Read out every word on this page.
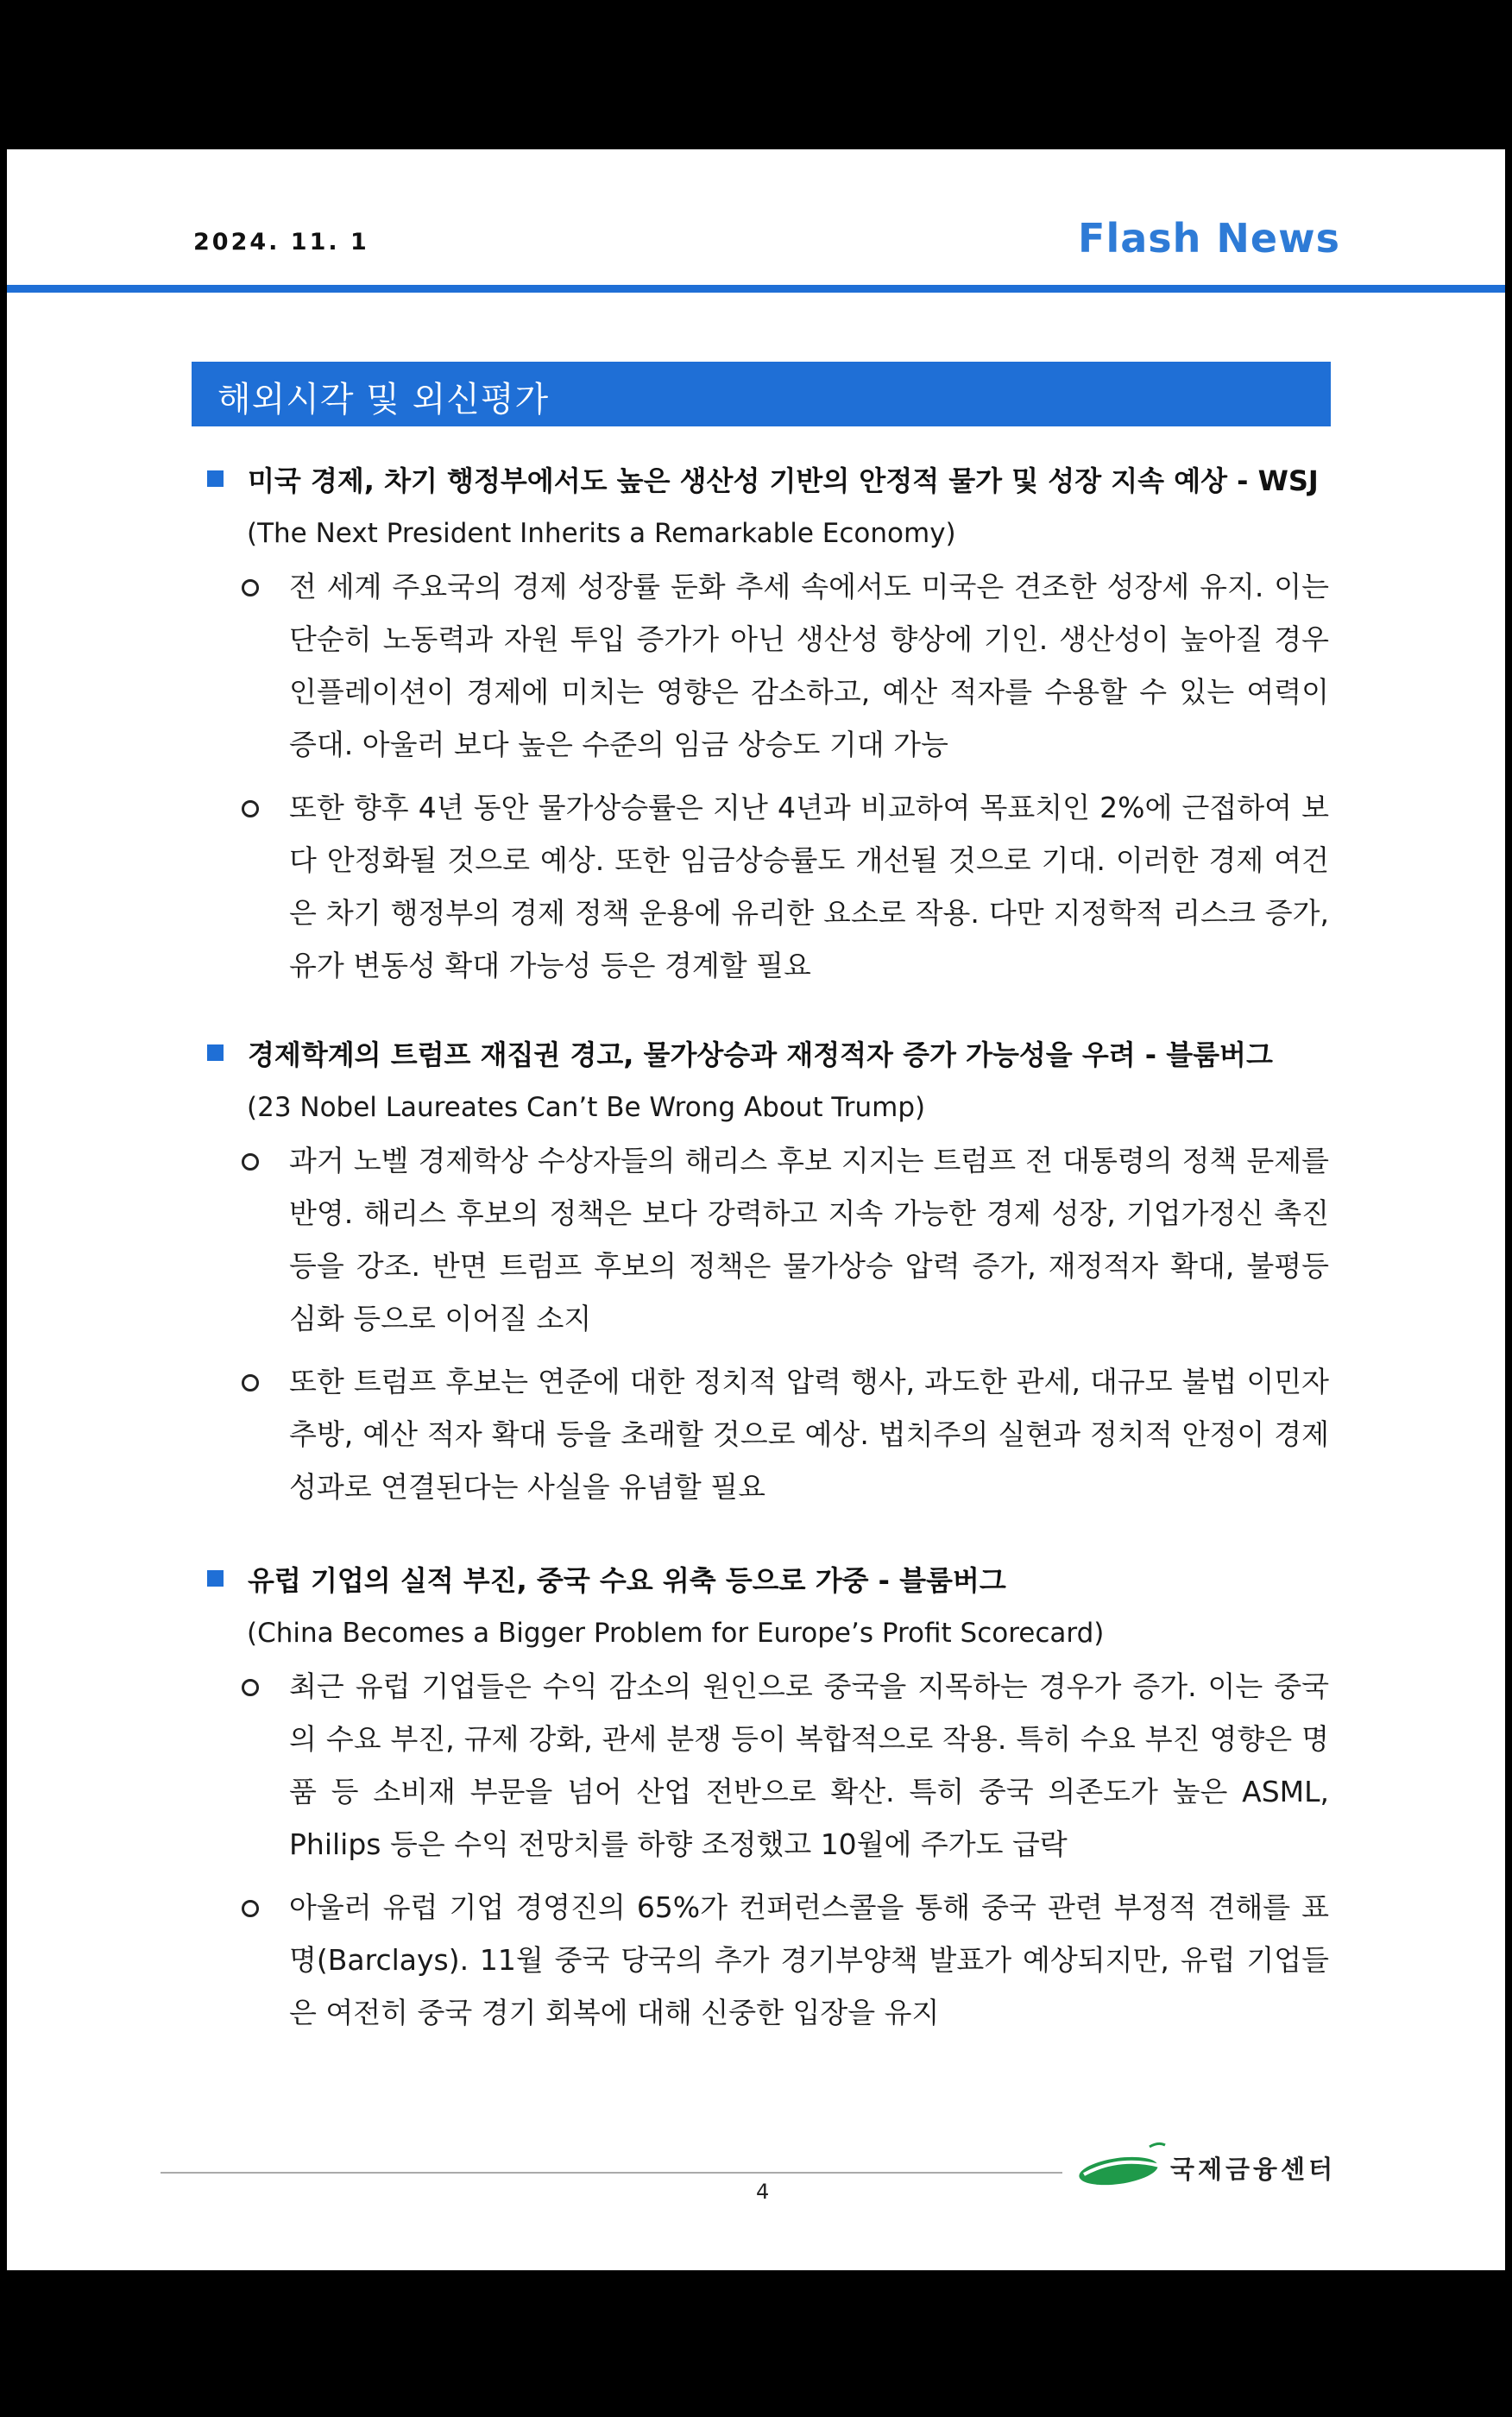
2024. 11. 1	Flash News
해외시각 및 외신평가
미국 경제, 차기 행정부에서도 높은 생산성 기반의 안정적 물가 및 성장 지속 예상 - WSJ
(The Next President Inherits a Remarkable Economy)
전 세계 주요국의 경제 성장률 둔화 추세 속에서도 미국은 견조한 성장세 유지. 이는 단순히 노동력과 자원 투입 증가가 아닌 생산성 향상에 기인. 생산성이 높아질 경우 인플레이션이 경제에 미치는 영향은 감소하고, 예산 적자를 수용할 수 있는 여력이 증대. 아울러 보다 높은 수준의 임금 상승도 기대 가능
또한 향후 4년 동안 물가상승률은 지난 4년과 비교하여 목표치인 2%에 근접하여 보다 안정화될 것으로 예상. 또한 임금상승률도 개선될 것으로 기대. 이러한 경제 여건은 차기 행정부의 경제 정책 운용에 유리한 요소로 작용. 다만 지정학적 리스크 증가, 유가 변동성 확대 가능성 등은 경계할 필요
경제학계의 트럼프 재집권 경고, 물가상승과 재정적자 증가 가능성을 우려 - 블룸버그
(23 Nobel Laureates Can’t Be Wrong About Trump)
과거 노벨 경제학상 수상자들의 해리스 후보 지지는 트럼프 전 대통령의 정책 문제를 반영. 해리스 후보의 정책은 보다 강력하고 지속 가능한 경제 성장, 기업가정신 촉진 등을 강조. 반면 트럼프 후보의 정책은 물가상승 압력 증가, 재정적자 확대, 불평등 심화 등으로 이어질 소지
또한 트럼프 후보는 연준에 대한 정치적 압력 행사, 과도한 관세, 대규모 불법 이민자 추방, 예산 적자 확대 등을 초래할 것으로 예상. 법치주의 실현과 정치적 안정이 경제성과로 연결된다는 사실을 유념할 필요
유럽 기업의 실적 부진, 중국 수요 위축 등으로 가중 - 블룸버그
(China Becomes a Bigger Problem for Europe’s Profit Scorecard)
최근 유럽 기업들은 수익 감소의 원인으로 중국을 지목하는 경우가 증가. 이는 중국의 수요 부진, 규제 강화, 관세 분쟁 등이 복합적으로 작용. 특히 수요 부진 영향은 명품 등 소비재 부문을 넘어 산업 전반으로 확산. 특히 중국 의존도가 높은 ASML, Philips 등은 수익 전망치를 하향 조정했고 10월에 주가도 급락
아울러 유럽 기업 경영진의 65%가 컨퍼런스콜을 통해 중국 관련 부정적 견해를 표명(Barclays). 11월 중국 당국의 추가 경기부양책 발표가 예상되지만, 유럽 기업들은 여전히 중국 경기 회복에 대해 신중한 입장을 유지
4
국제금융센터
